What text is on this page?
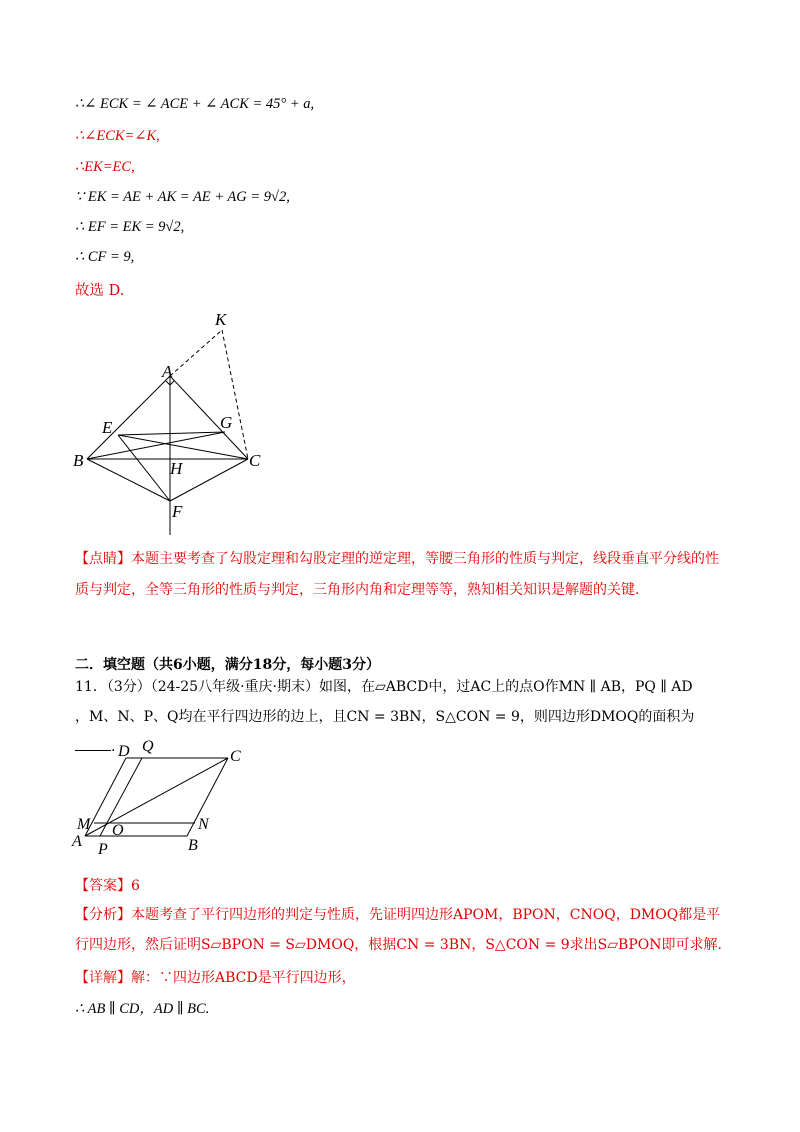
∴∠ ECK = ∠ ACE + ∠ ACK = 45° + a,
∴∠ECK=∠K,
∴EK=EC,
∵ EK = AE + AK = AE + AG = 9√2,
∴ EF = EK = 9√2,
∴ CF = 9,
故选 D.
K
A
E	G
B	H	C
F
【点睛】本题主要考查了勾股定理和勾股定理的逆定理，等腰三角形的性质与判定，线段垂直平分线的性质与判定，全等三角形的性质与判定，三角形内角和定理等等，熟知相关知识是解题的关键.
二．填空题（共6小题，满分18分，每小题3分）
11．（3分）（24-25八年级·重庆·期末）如图，在▱ABCD中，过AC上的点O作MN ∥ AB，PQ ∥ AD
，M、N、P、Q均在平行四边形的边上，且CN = 3BN，S△CON = 9，则四边形DMOQ的面积为. D Q
C
M O	N
A P	B
【答案】6
【分析】本题考查了平行四边形的判定与性质，先证明四边形APOM，BPON，CNOQ，DMOQ都是平行四边形，然后证明S▱BPON = S▱DMOQ，根据CN = 3BN，S△CON = 9求出S▱BPON即可求解.
【详解】解：∵四边形ABCD是平行四边形，
∴ AB ∥ CD，AD ∥ BC.
